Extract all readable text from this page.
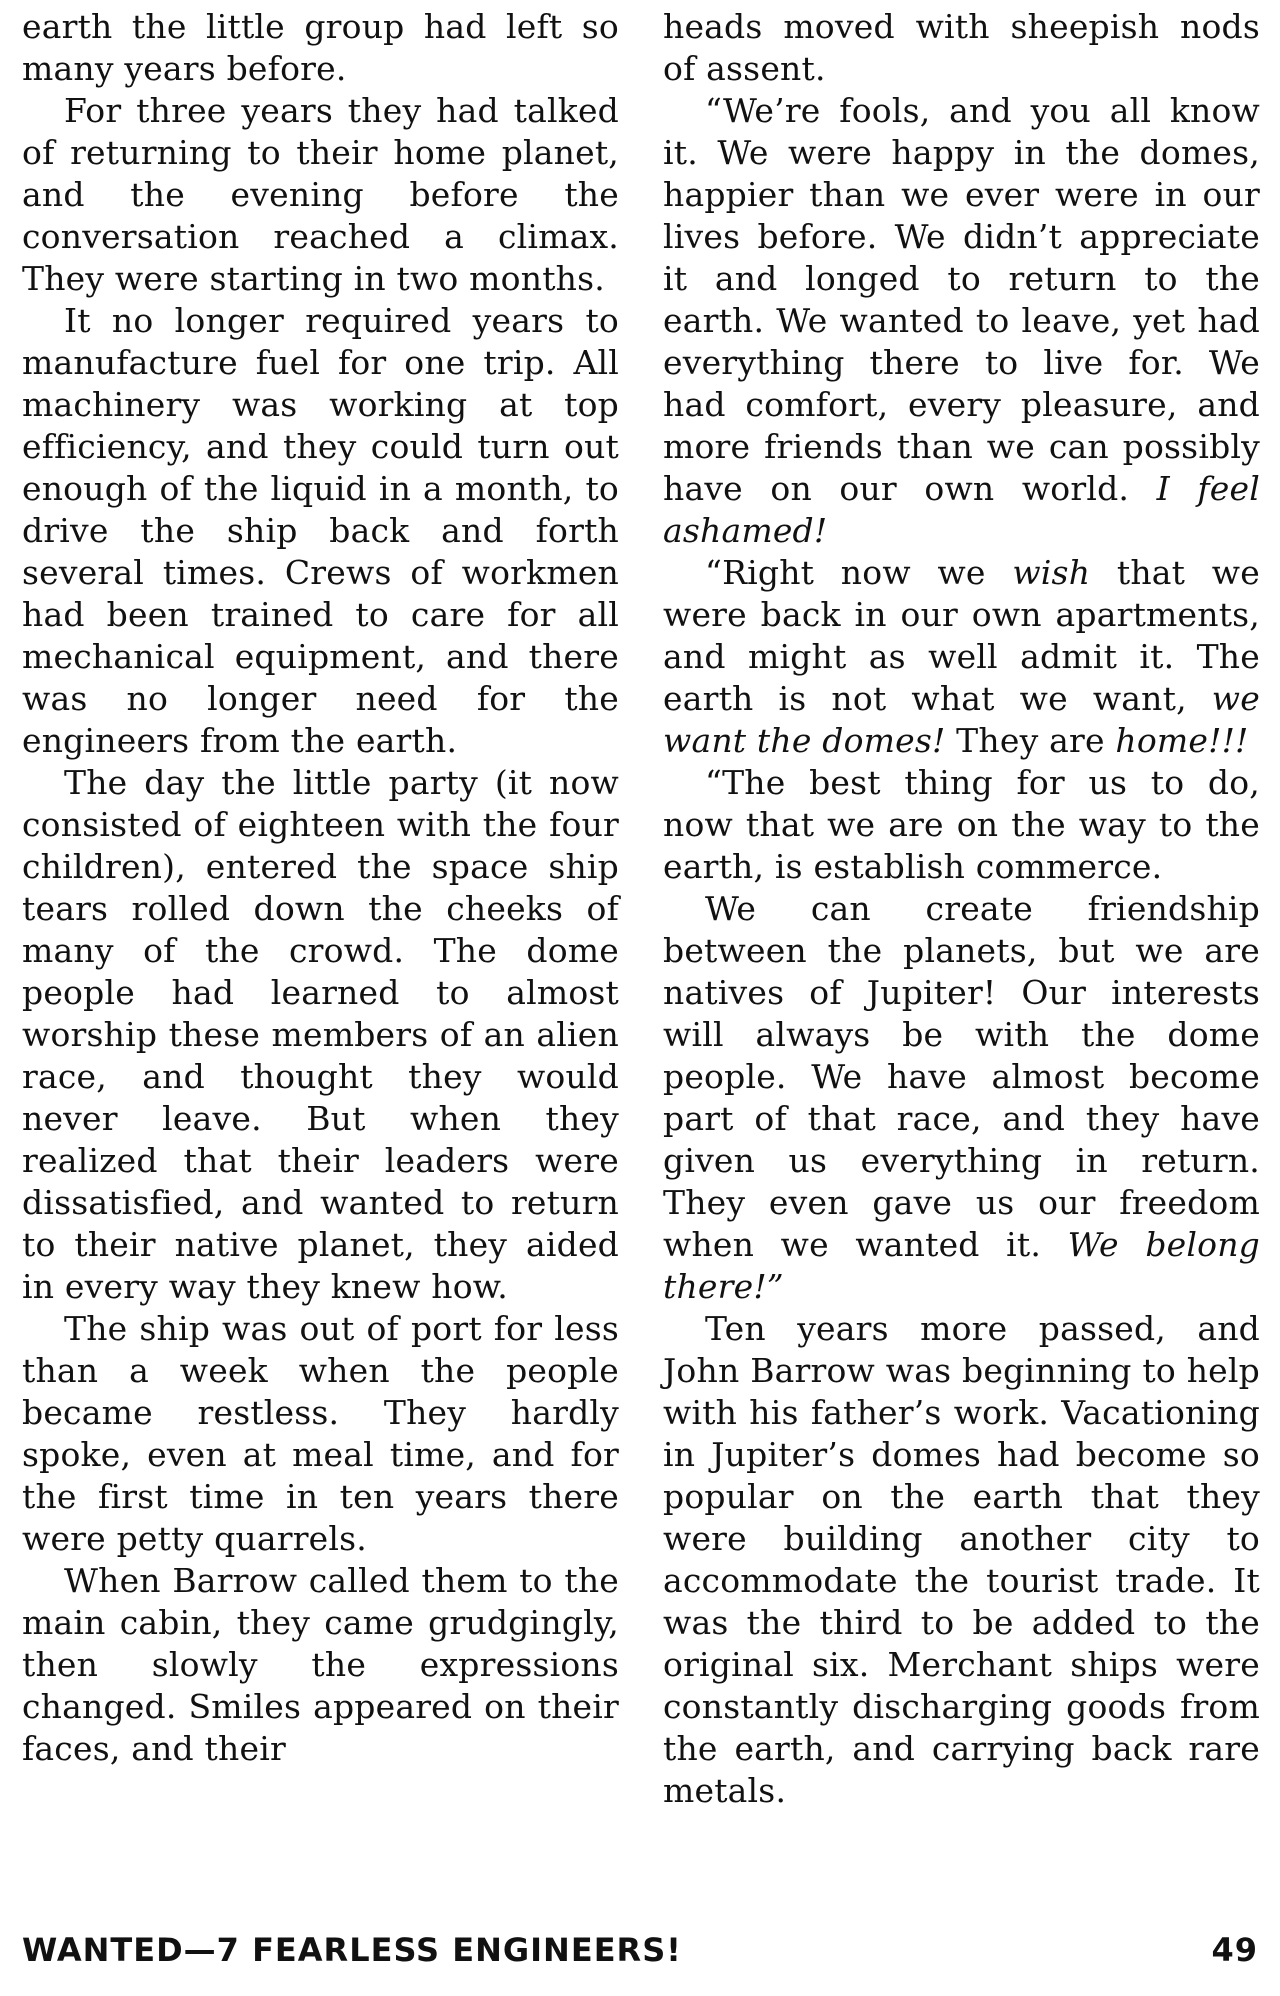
earth the little group had left so many years before.

For three years they had talked of returning to their home planet, and the evening before the conversation reached a climax. They were starting in two months.

It no longer required years to manufacture fuel for one trip. All machinery was working at top efficiency, and they could turn out enough of the liquid in a month, to drive the ship back and forth several times. Crews of workmen had been trained to care for all mechanical equipment, and there was no longer need for the engineers from the earth.

The day the little party (it now consisted of eighteen with the four children), entered the space ship tears rolled down the cheeks of many of the crowd. The dome people had learned to almost worship these members of an alien race, and thought they would never leave. But when they realized that their leaders were dissatisfied, and wanted to return to their native planet, they aided in every way they knew how.

The ship was out of port for less than a week when the people became restless. They hardly spoke, even at meal time, and for the first time in ten years there were petty quarrels.

When Barrow called them to the main cabin, they came grudgingly, then slowly the expressions changed. Smiles appeared on their faces, and their

heads moved with sheepish nods of assent.

“We’re fools, and you all know it. We were happy in the domes, happier than we ever were in our lives before. We didn’t appreciate it and longed to return to the earth. We wanted to leave, yet had everything there to live for. We had comfort, every pleasure, and more friends than we can possibly have on our own world. I feel ashamed!

“Right now we wish that we were back in our own apartments, and might as well admit it. The earth is not what we want, we want the domes! They are home!!!

“The best thing for us to do, now that we are on the way to the earth, is establish commerce.

We can create friendship between the planets, but we are natives of Jupiter! Our interests will always be with the dome people. We have almost become part of that race, and they have given us everything in return. They even gave us our freedom when we wanted it. We belong there!”

Ten years more passed, and John Barrow was beginning to help with his father’s work. Vacationing in Jupiter’s domes had become so popular on the earth that they were building another city to accommodate the tourist trade. It was the third to be added to the original six. Merchant ships were constantly discharging goods from the earth, and carrying back rare metals.

WANTED—7 FEARLESS ENGINEERS!	49
